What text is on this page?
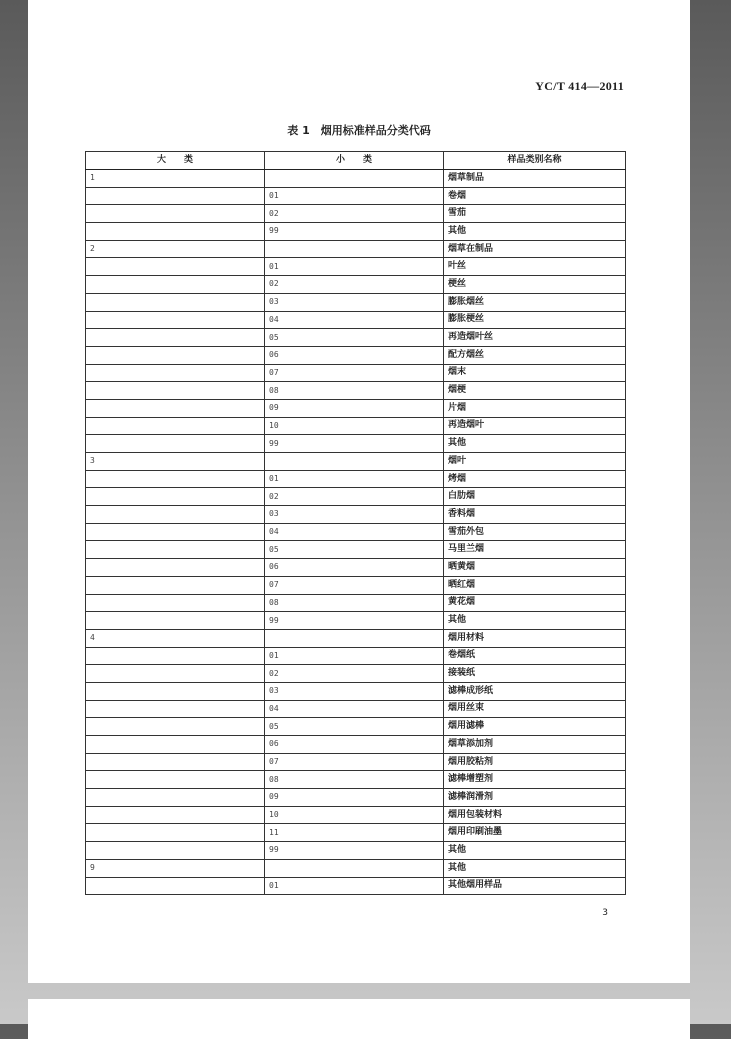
YC/T 414—2011
表 1　烟用标准样品分类代码
大　　类	小　　类	样品类别名称
1		烟草制品
	01	卷烟
	02	雪茄
	99	其他
2		烟草在制品
	01	叶丝
	02	梗丝
	03	膨胀烟丝
	04	膨胀梗丝
	05	再造烟叶丝
	06	配方烟丝
	07	烟末
	08	烟梗
	09	片烟
	10	再造烟叶
	99	其他
3		烟叶
	01	烤烟
	02	白肋烟
	03	香料烟
	04	雪茄外包
	05	马里兰烟
	06	晒黄烟
	07	晒红烟
	08	黄花烟
	99	其他
4		烟用材料
	01	卷烟纸
	02	接装纸
	03	滤棒成形纸
	04	烟用丝束
	05	烟用滤棒
	06	烟草添加剂
	07	烟用胶粘剂
	08	滤棒增塑剂
	09	滤棒润滑剂
	10	烟用包装材料
	11	烟用印刷油墨
	99	其他
9		其他
	01	其他烟用样品
3
